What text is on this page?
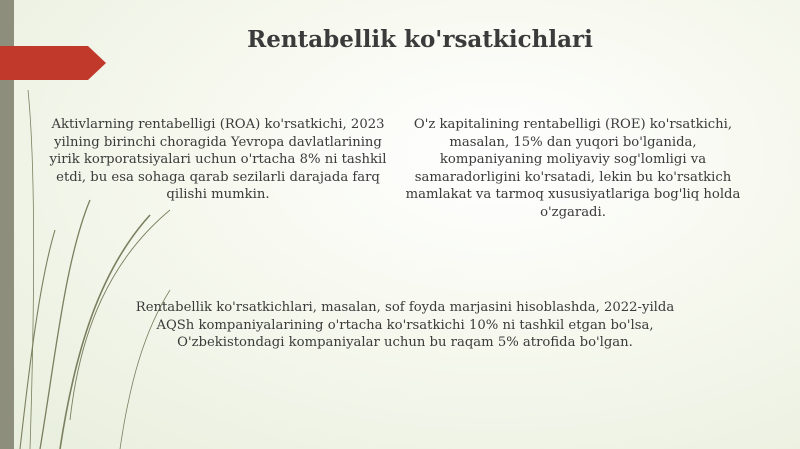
Rentabellik ko'rsatkichlari
Aktivlarning rentabelligi (ROA) ko'rsatkichi, 2023 yilning birinchi choragida Yevropa davlatlarining yirik korporatsiyalari uchun o'rtacha 8% ni tashkil etdi, bu esa sohaga qarab sezilarli darajada farq qilishi mumkin.
O'z kapitalining rentabelligi (ROE) ko'rsatkichi, masalan, 15% dan yuqori bo'lganida, kompaniyaning moliyaviy sog'lomligi va samaradorligini ko'rsatadi, lekin bu ko'rsatkich mamlakat va tarmoq xususiyatlariga bog'liq holda o'zgaradi.
Rentabellik ko'rsatkichlari, masalan, sof foyda marjasini hisoblashda, 2022-yilda AQSh kompaniyalarining o'rtacha ko'rsatkichi 10% ni tashkil etgan bo'lsa, O'zbekistondagi kompaniyalar uchun bu raqam 5% atrofida bo'lgan.
